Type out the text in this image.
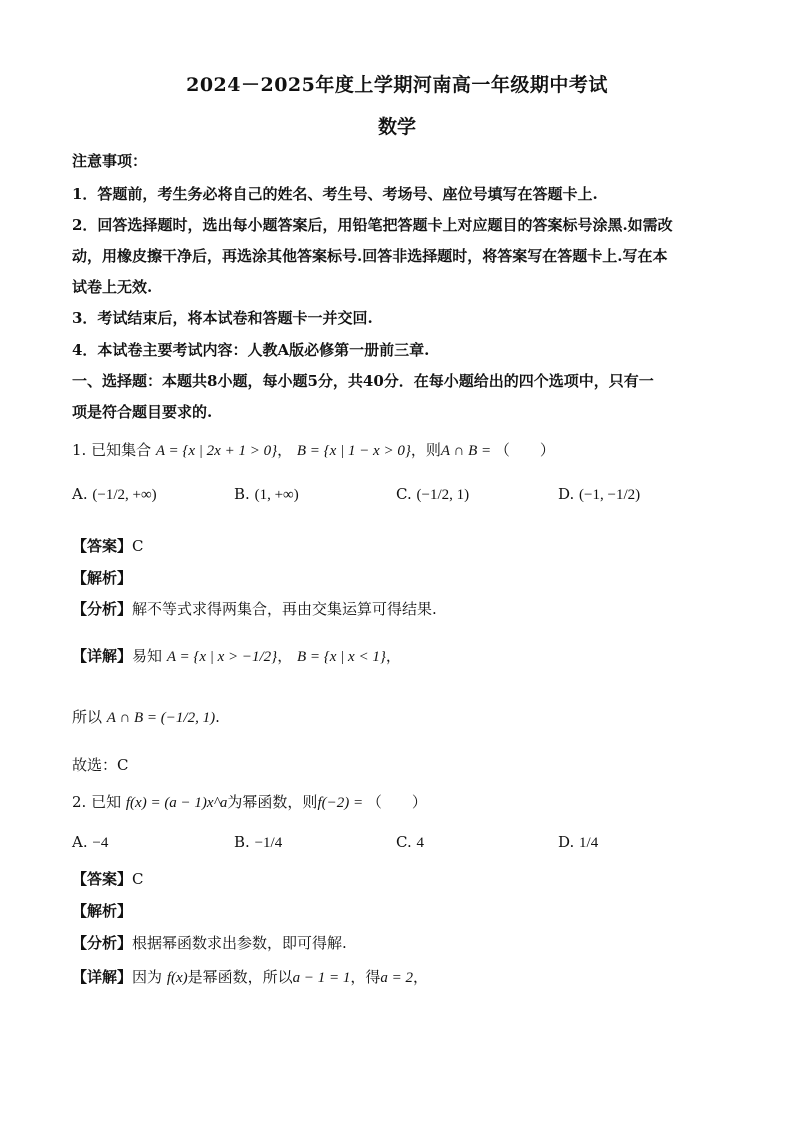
2024－2025年度上学期河南高一年级期中考试
数学
注意事项：
1．答题前，考生务必将自己的姓名、考生号、考场号、座位号填写在答题卡上.
2．回答选择题时，选出每小题答案后，用铅笔把答题卡上对应题目的答案标号涂黑.如需改
动，用橡皮擦干净后，再选涂其他答案标号.回答非选择题时，将答案写在答题卡上.写在本
试卷上无效.
3．考试结束后，将本试卷和答题卡一并交回.
4．本试卷主要考试内容：人教A版必修第一册前三章.
一、选择题：本题共8小题，每小题5分，共40分．在每小题给出的四个选项中，只有一
项是符合题目要求的.
1. 已知集合 A = {x | 2x + 1 > 0}， B = {x | 1 − x > 0}，则A ∩ B = （　　）
A. (−1/2, +∞)	B. (1, +∞)	C. (−1/2, 1)	D. (−1, −1/2)
【答案】C
【解析】
【分析】解不等式求得两集合，再由交集运算可得结果.
【详解】易知 A = {x | x > −1/2}， B = {x | x < 1}，
所以 A ∩ B = (−1/2, 1).
故选：C
2. 已知 f(x) = (a − 1)x^a为幂函数，则f(−2) = （　　）
A. −4	B. −1/4	C. 4	D. 1/4
【答案】C
【解析】
【分析】根据幂函数求出参数，即可得解.
【详解】因为 f(x)是幂函数，所以a − 1 = 1，得a = 2，
